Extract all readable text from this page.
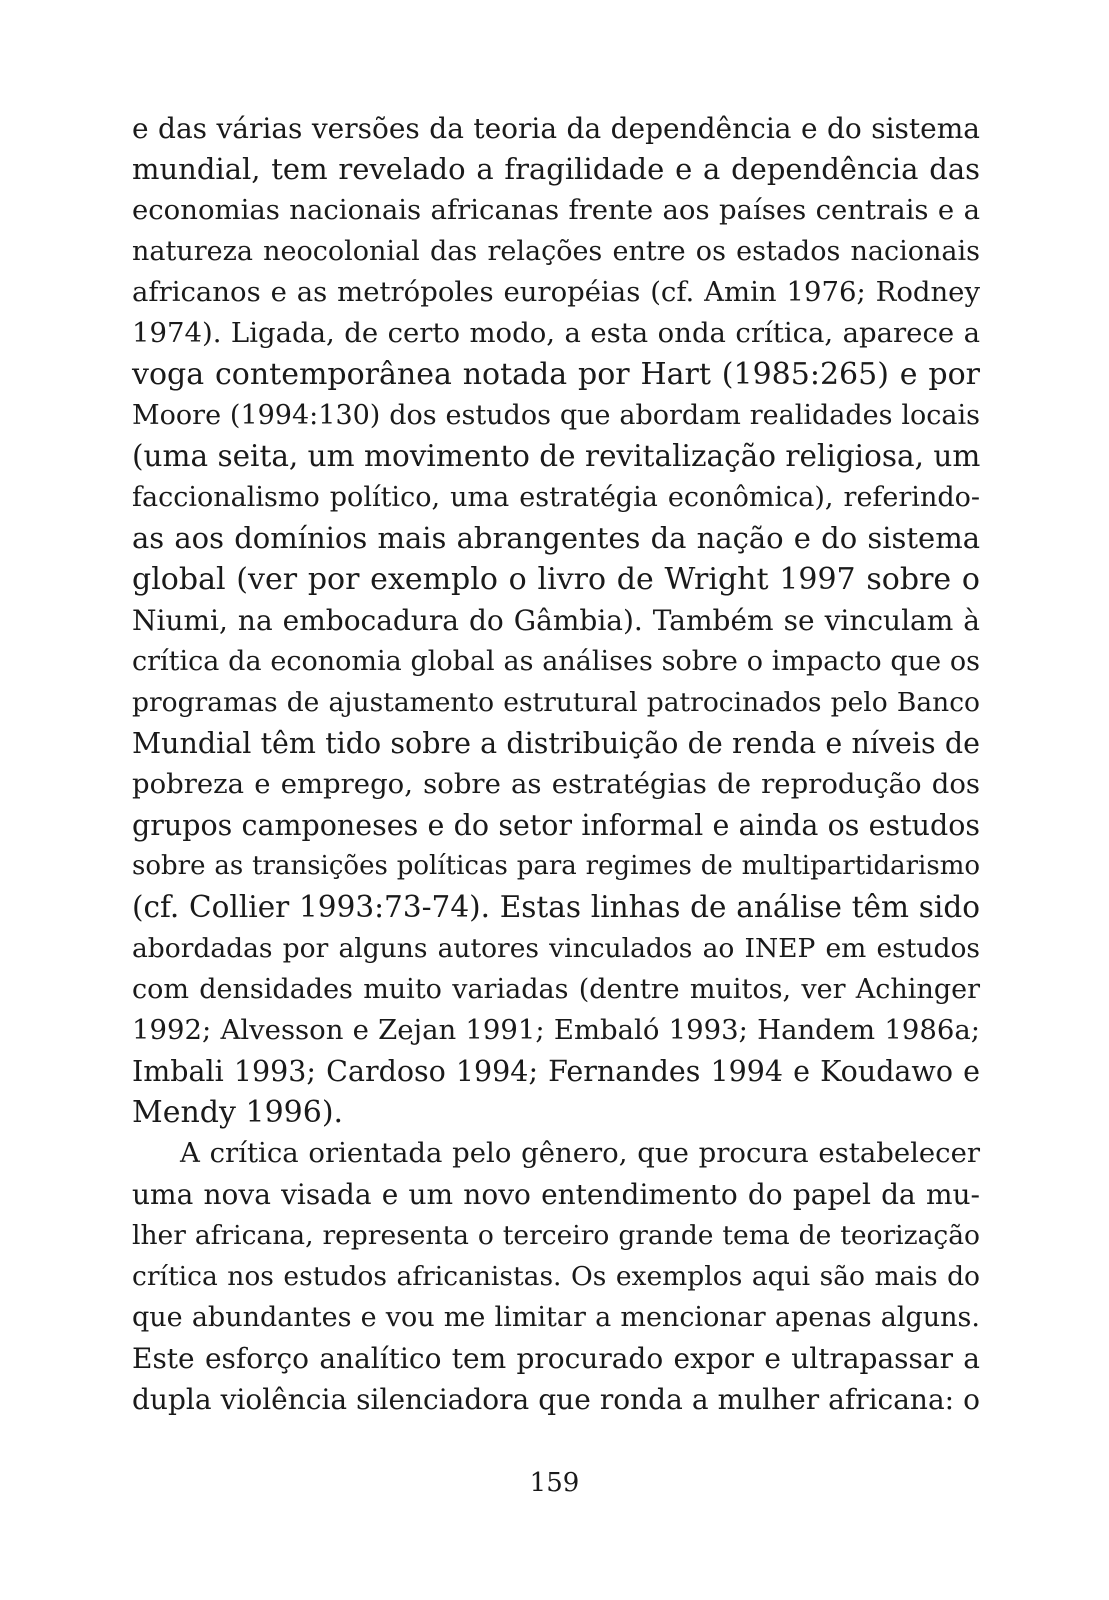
e das várias versões da teoria da dependência e do sistema
mundial, tem revelado a fragilidade e a dependência das
economias nacionais africanas frente aos países centrais e a
natureza neocolonial das relações entre os estados nacionais
africanos e as metrópoles européias (cf. Amin 1976; Rodney
1974). Ligada, de certo modo, a esta onda crítica, aparece a
voga contemporânea notada por Hart (1985:265) e por
Moore (1994:130) dos estudos que abordam realidades locais
(uma seita, um movimento de revitalização religiosa, um
faccionalismo político, uma estratégia econômica), referindo-
as aos domínios mais abrangentes da nação e do sistema
global (ver por exemplo o livro de Wright 1997 sobre o
Niumi, na embocadura do Gâmbia). Também se vinculam à
crítica da economia global as análises sobre o impacto que os
programas de ajustamento estrutural patrocinados pelo Banco
Mundial têm tido sobre a distribuição de renda e níveis de
pobreza e emprego, sobre as estratégias de reprodução dos
grupos camponeses e do setor informal e ainda os estudos
sobre as transições políticas para regimes de multipartidarismo
(cf. Collier 1993:73-74). Estas linhas de análise têm sido
abordadas por alguns autores vinculados ao INEP em estudos
com densidades muito variadas (dentre muitos, ver Achinger
1992; Alvesson e Zejan 1991; Embaló 1993; Handem 1986a;
Imbali 1993; Cardoso 1994; Fernandes 1994 e Koudawo e
Mendy 1996).
A crítica orientada pelo gênero, que procura estabelecer
uma nova visada e um novo entendimento do papel da mu-
lher africana, representa o terceiro grande tema de teorização
crítica nos estudos africanistas. Os exemplos aqui são mais do
que abundantes e vou me limitar a mencionar apenas alguns.
Este esforço analítico tem procurado expor e ultrapassar a
dupla violência silenciadora que ronda a mulher africana: o
159
